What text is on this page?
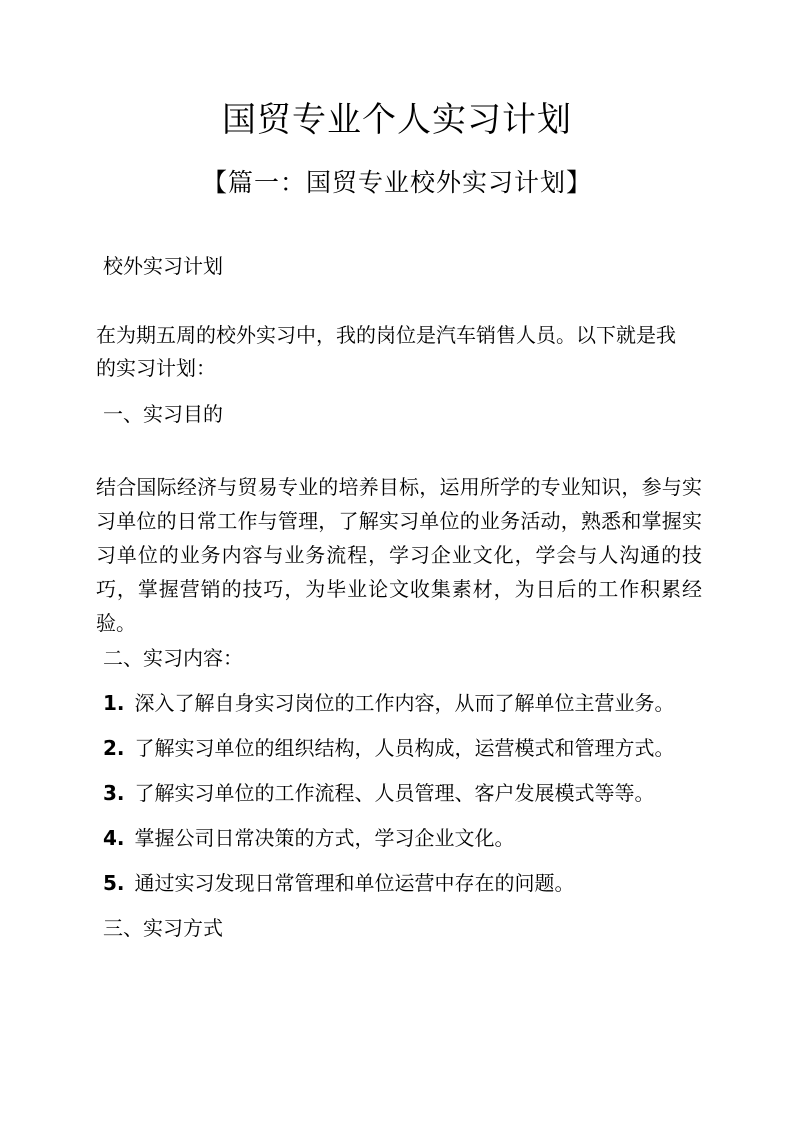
国贸专业个人实习计划
【篇一：国贸专业校外实习计划】
校外实习计划
在为期五周的校外实习中，我的岗位是汽车销售人员。以下就是我
的实习计划：
一、实习目的
结合国际经济与贸易专业的培养目标，运用所学的专业知识，参与实习单位的日常工作与管理，了解实习单位的业务活动，熟悉和掌握实习单位的业务内容与业务流程，学习企业文化，学会与人沟通的技巧，掌握营销的技巧，为毕业论文收集素材，为日后的工作积累经验。
二、实习内容：
1. 深入了解自身实习岗位的工作内容，从而了解单位主营业务。
2. 了解实习单位的组织结构，人员构成，运营模式和管理方式。
3. 了解实习单位的工作流程、人员管理、客户发展模式等等。
4. 掌握公司日常决策的方式，学习企业文化。
5. 通过实习发现日常管理和单位运营中存在的问题。
三、实习方式
